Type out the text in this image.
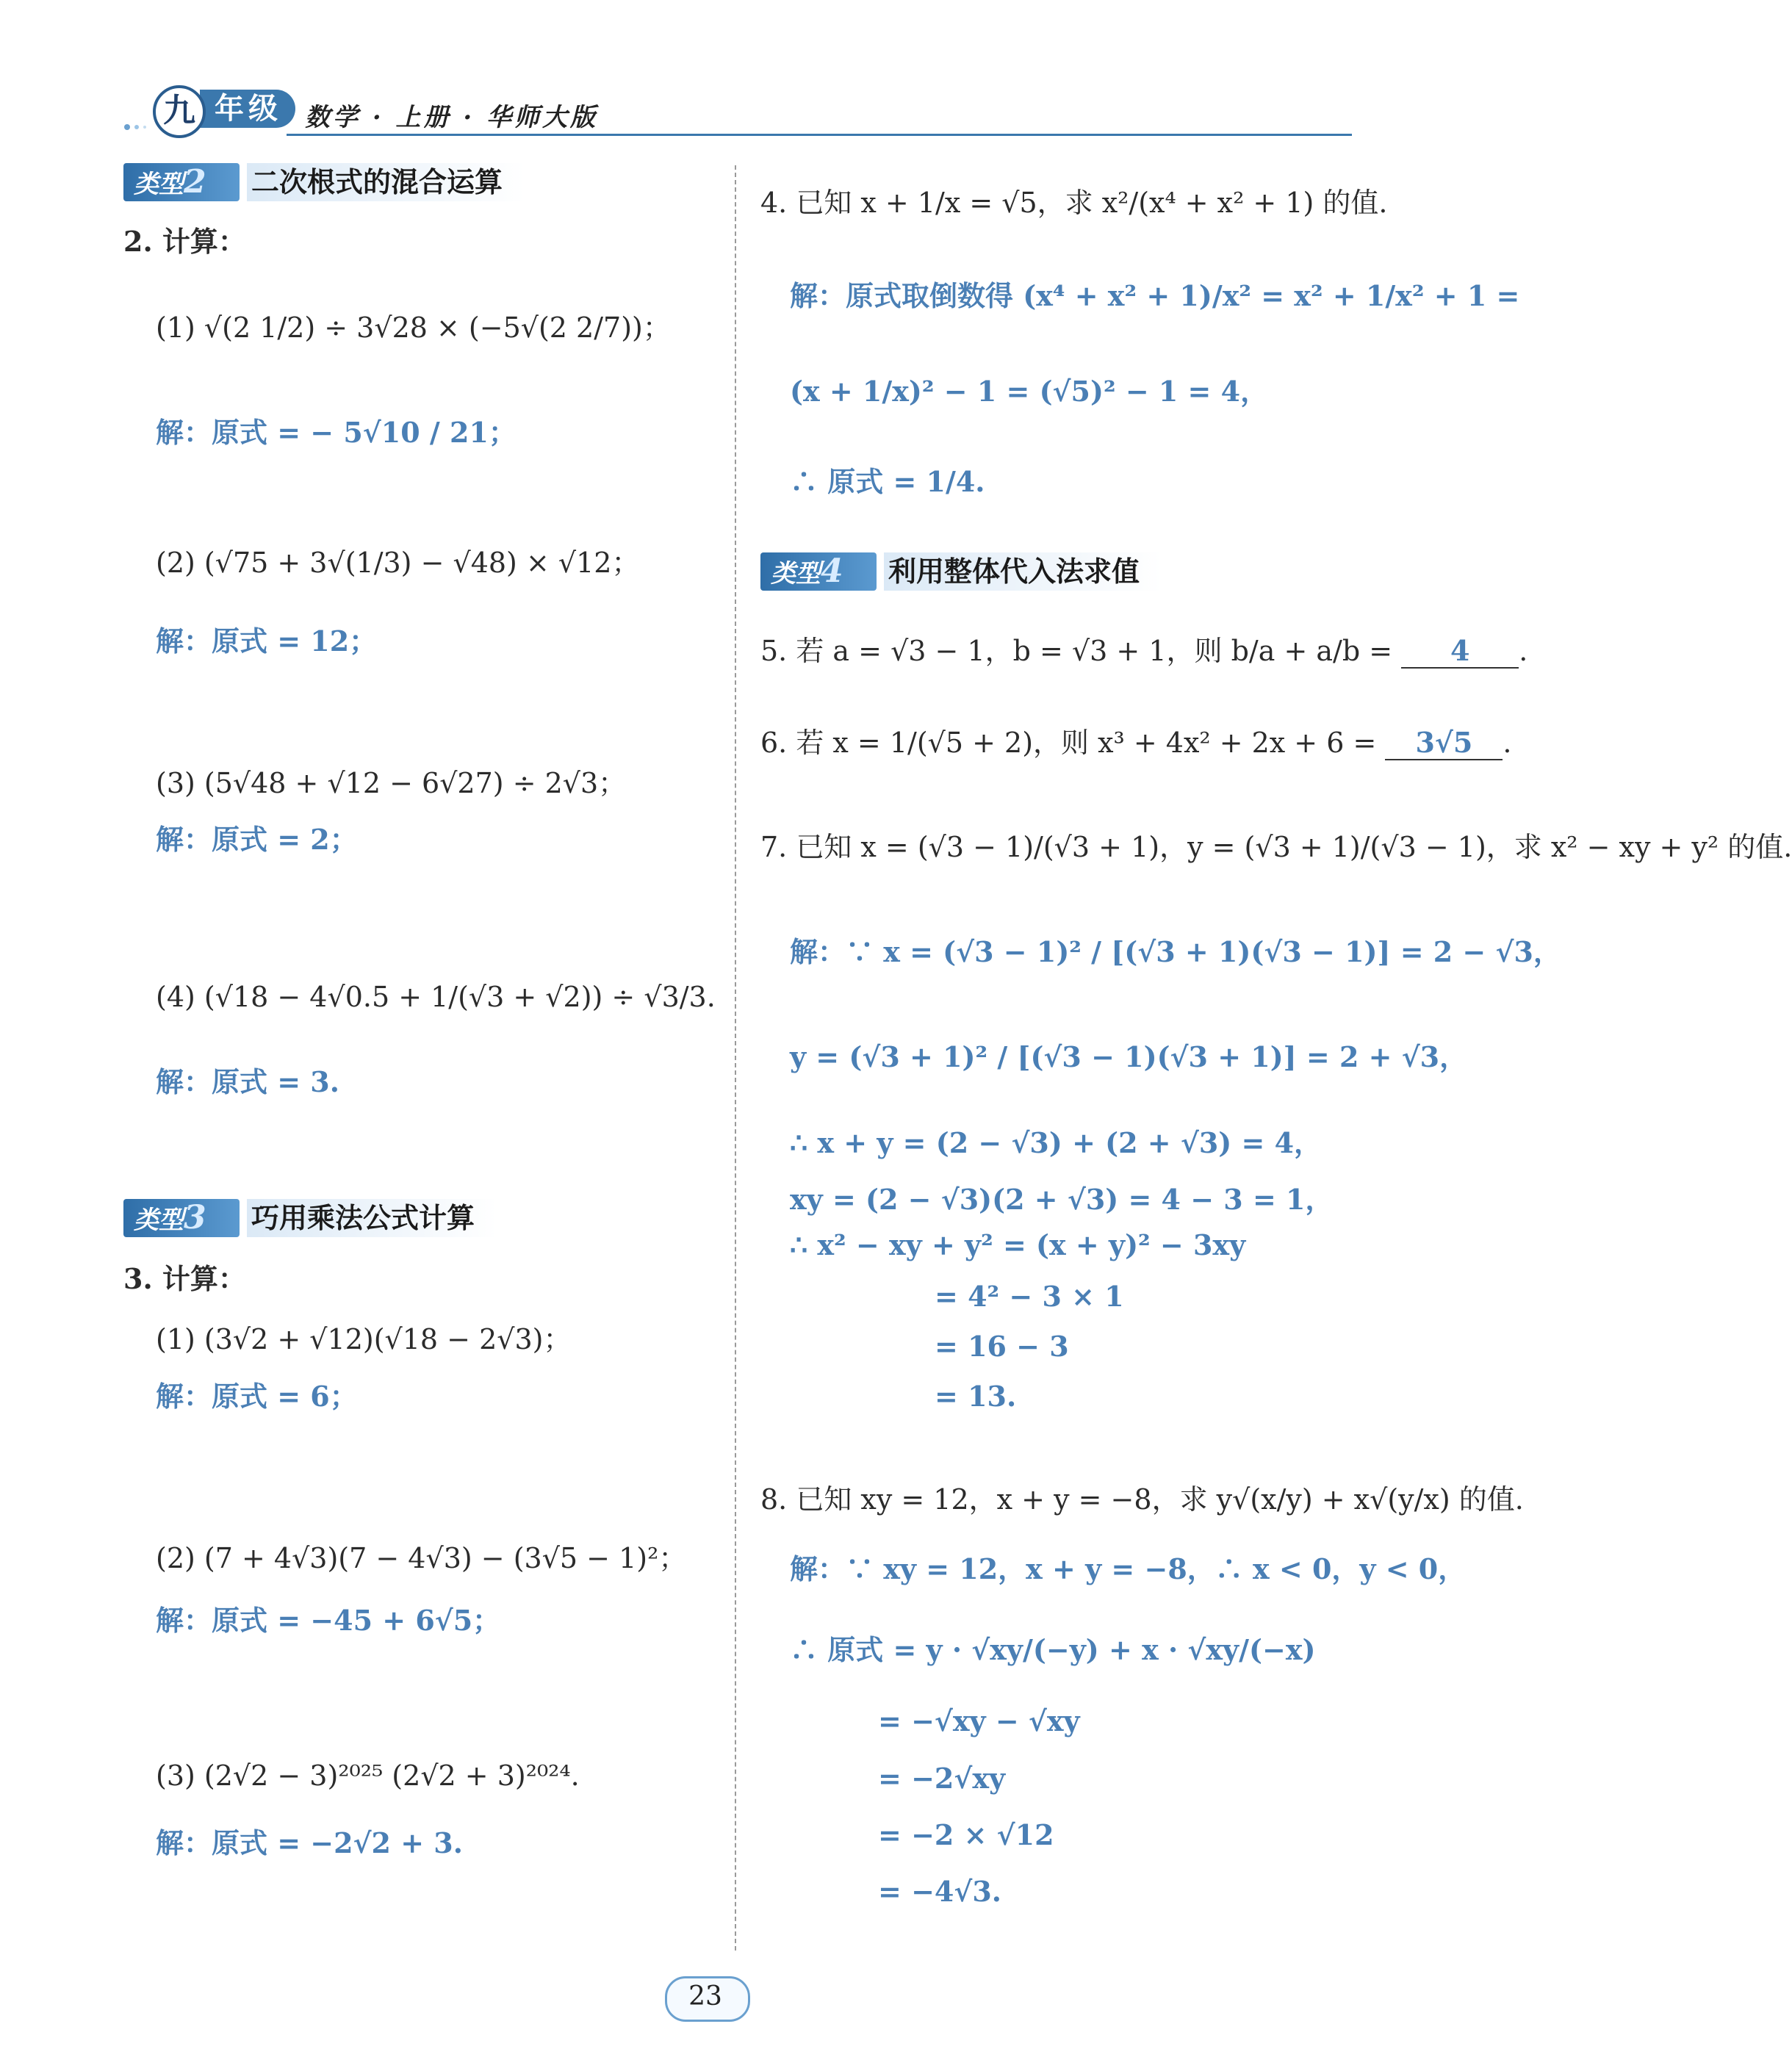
年级
九	数学 · 上册 · 华师大版
类型2	二次根式的混合运算
2. 计算：
(1) √(2 1/2) ÷ 3√28 × (−5√(2 2/7))；
解：原式 = − 5√10 / 21；
(2) (√75 + 3√(1/3) − √48) × √12；
解：原式 = 12；
(3) (5√48 + √12 − 6√27) ÷ 2√3；
解：原式 = 2；
(4) (√18 − 4√0.5 + 1/(√3 + √2)) ÷ √3/3.
解：原式 = 3.
类型3	巧用乘法公式计算
3. 计算：
(1) (3√2 + √12)(√18 − 2√3)；
解：原式 = 6；
(2) (7 + 4√3)(7 − 4√3) − (3√5 − 1)²；
解：原式 = −45 + 6√5；
(3) (2√2 − 3)²⁰²⁵ (2√2 + 3)²⁰²⁴.
解：原式 = −2√2 + 3.
4. 已知 x + 1/x = √5，求 x²/(x⁴ + x² + 1) 的值.
解：原式取倒数得 (x⁴ + x² + 1)/x² = x² + 1/x² + 1 =
(x + 1/x)² − 1 = (√5)² − 1 = 4，
∴ 原式 = 1/4.
类型4	利用整体代入法求值
5. 若 a = √3 − 1，b = √3 + 1，则 b/a + a/b = 4 .
6. 若 x = 1/(√5 + 2)，则 x³ + 4x² + 2x + 6 = 3√5 .
7. 已知 x = (√3 − 1)/(√3 + 1)，y = (√3 + 1)/(√3 − 1)，求 x² − xy + y² 的值.
解：∵ x = (√3 − 1)² / [(√3 + 1)(√3 − 1)] = 2 − √3，
y = (√3 + 1)² / [(√3 − 1)(√3 + 1)] = 2 + √3，
∴ x + y = (2 − √3) + (2 + √3) = 4，
xy = (2 − √3)(2 + √3) = 4 − 3 = 1，
∴ x² − xy + y² = (x + y)² − 3xy
= 4² − 3 × 1
= 16 − 3
= 13.
8. 已知 xy = 12，x + y = −8，求 y√(x/y) + x√(y/x) 的值.
解：∵ xy = 12，x + y = −8，∴ x < 0，y < 0，
∴ 原式 = y · √xy/(−y) + x · √xy/(−x)
= −√xy − √xy
= −2√xy
= −2 × √12
= −4√3.
23
